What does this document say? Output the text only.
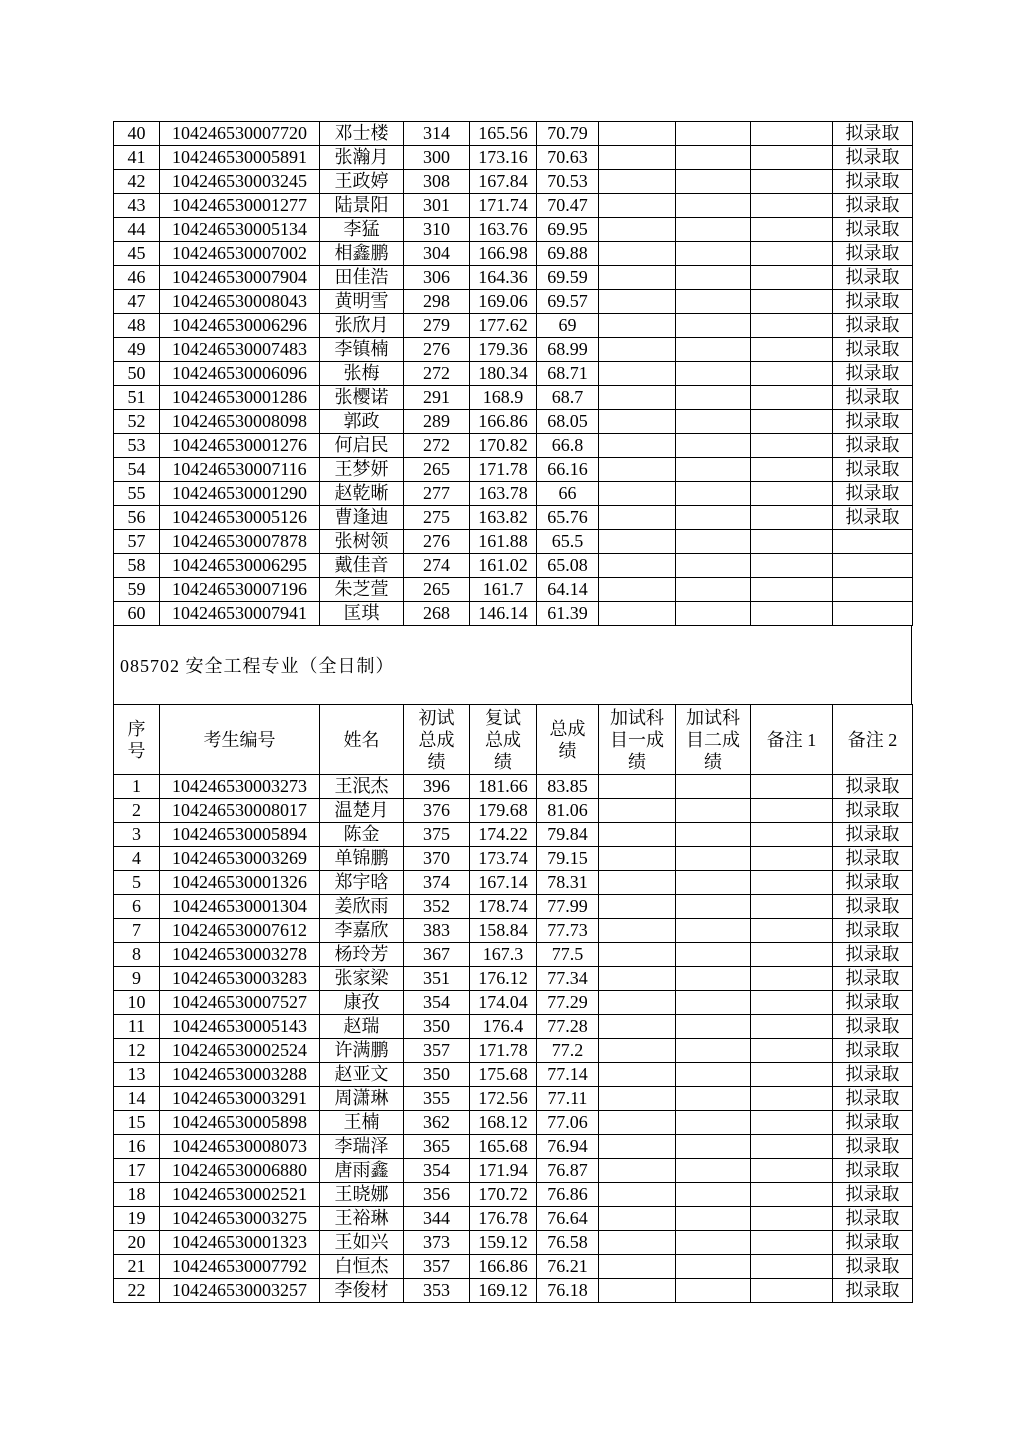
40	104246530007720	邓士楼	314	165.56	70.79				拟录取
41	104246530005891	张瀚月	300	173.16	70.63				拟录取
42	104246530003245	王政婷	308	167.84	70.53				拟录取
43	104246530001277	陆景阳	301	171.74	70.47				拟录取
44	104246530005134	李猛	310	163.76	69.95				拟录取
45	104246530007002	相鑫鹏	304	166.98	69.88				拟录取
46	104246530007904	田佳浩	306	164.36	69.59				拟录取
47	104246530008043	黄明雪	298	169.06	69.57				拟录取
48	104246530006296	张欣月	279	177.62	69				拟录取
49	104246530007483	李镇楠	276	179.36	68.99				拟录取
50	104246530006096	张梅	272	180.34	68.71				拟录取
51	104246530001286	张樱诺	291	168.9	68.7				拟录取
52	104246530008098	郭政	289	166.86	68.05				拟录取
53	104246530001276	何启民	272	170.82	66.8				拟录取
54	104246530007116	王梦妍	265	171.78	66.16				拟录取
55	104246530001290	赵乾晰	277	163.78	66				拟录取
56	104246530005126	曹逢迪	275	163.82	65.76				拟录取
57	104246530007878	张树领	276	161.88	65.5				
58	104246530006295	戴佳音	274	161.02	65.08				
59	104246530007196	朱芝萱	265	161.7	64.14				
60	104246530007941	匡琪	268	146.14	61.39				
085702 安全工程专业（全日制）
序号	考生编号	姓名	初试总成绩	复试总成绩	总成绩	加试科目一成绩	加试科目二成绩	备注 1	备注 2
1	104246530003273	王泯杰	396	181.66	83.85				拟录取
2	104246530008017	温楚月	376	179.68	81.06				拟录取
3	104246530005894	陈金	375	174.22	79.84				拟录取
4	104246530003269	单锦鹏	370	173.74	79.15				拟录取
5	104246530001326	郑宇晗	374	167.14	78.31				拟录取
6	104246530001304	姜欣雨	352	178.74	77.99				拟录取
7	104246530007612	李嘉欣	383	158.84	77.73				拟录取
8	104246530003278	杨玲芳	367	167.3	77.5				拟录取
9	104246530003283	张家梁	351	176.12	77.34				拟录取
10	104246530007527	康孜	354	174.04	77.29				拟录取
11	104246530005143	赵瑞	350	176.4	77.28				拟录取
12	104246530002524	许满鹏	357	171.78	77.2				拟录取
13	104246530003288	赵亚文	350	175.68	77.14				拟录取
14	104246530003291	周潇琳	355	172.56	77.11				拟录取
15	104246530005898	王楠	362	168.12	77.06				拟录取
16	104246530008073	李瑞泽	365	165.68	76.94				拟录取
17	104246530006880	唐雨鑫	354	171.94	76.87				拟录取
18	104246530002521	王晓娜	356	170.72	76.86				拟录取
19	104246530003275	王裕琳	344	176.78	76.64				拟录取
20	104246530001323	王如兴	373	159.12	76.58				拟录取
21	104246530007792	白恒杰	357	166.86	76.21				拟录取
22	104246530003257	李俊材	353	169.12	76.18				拟录取
